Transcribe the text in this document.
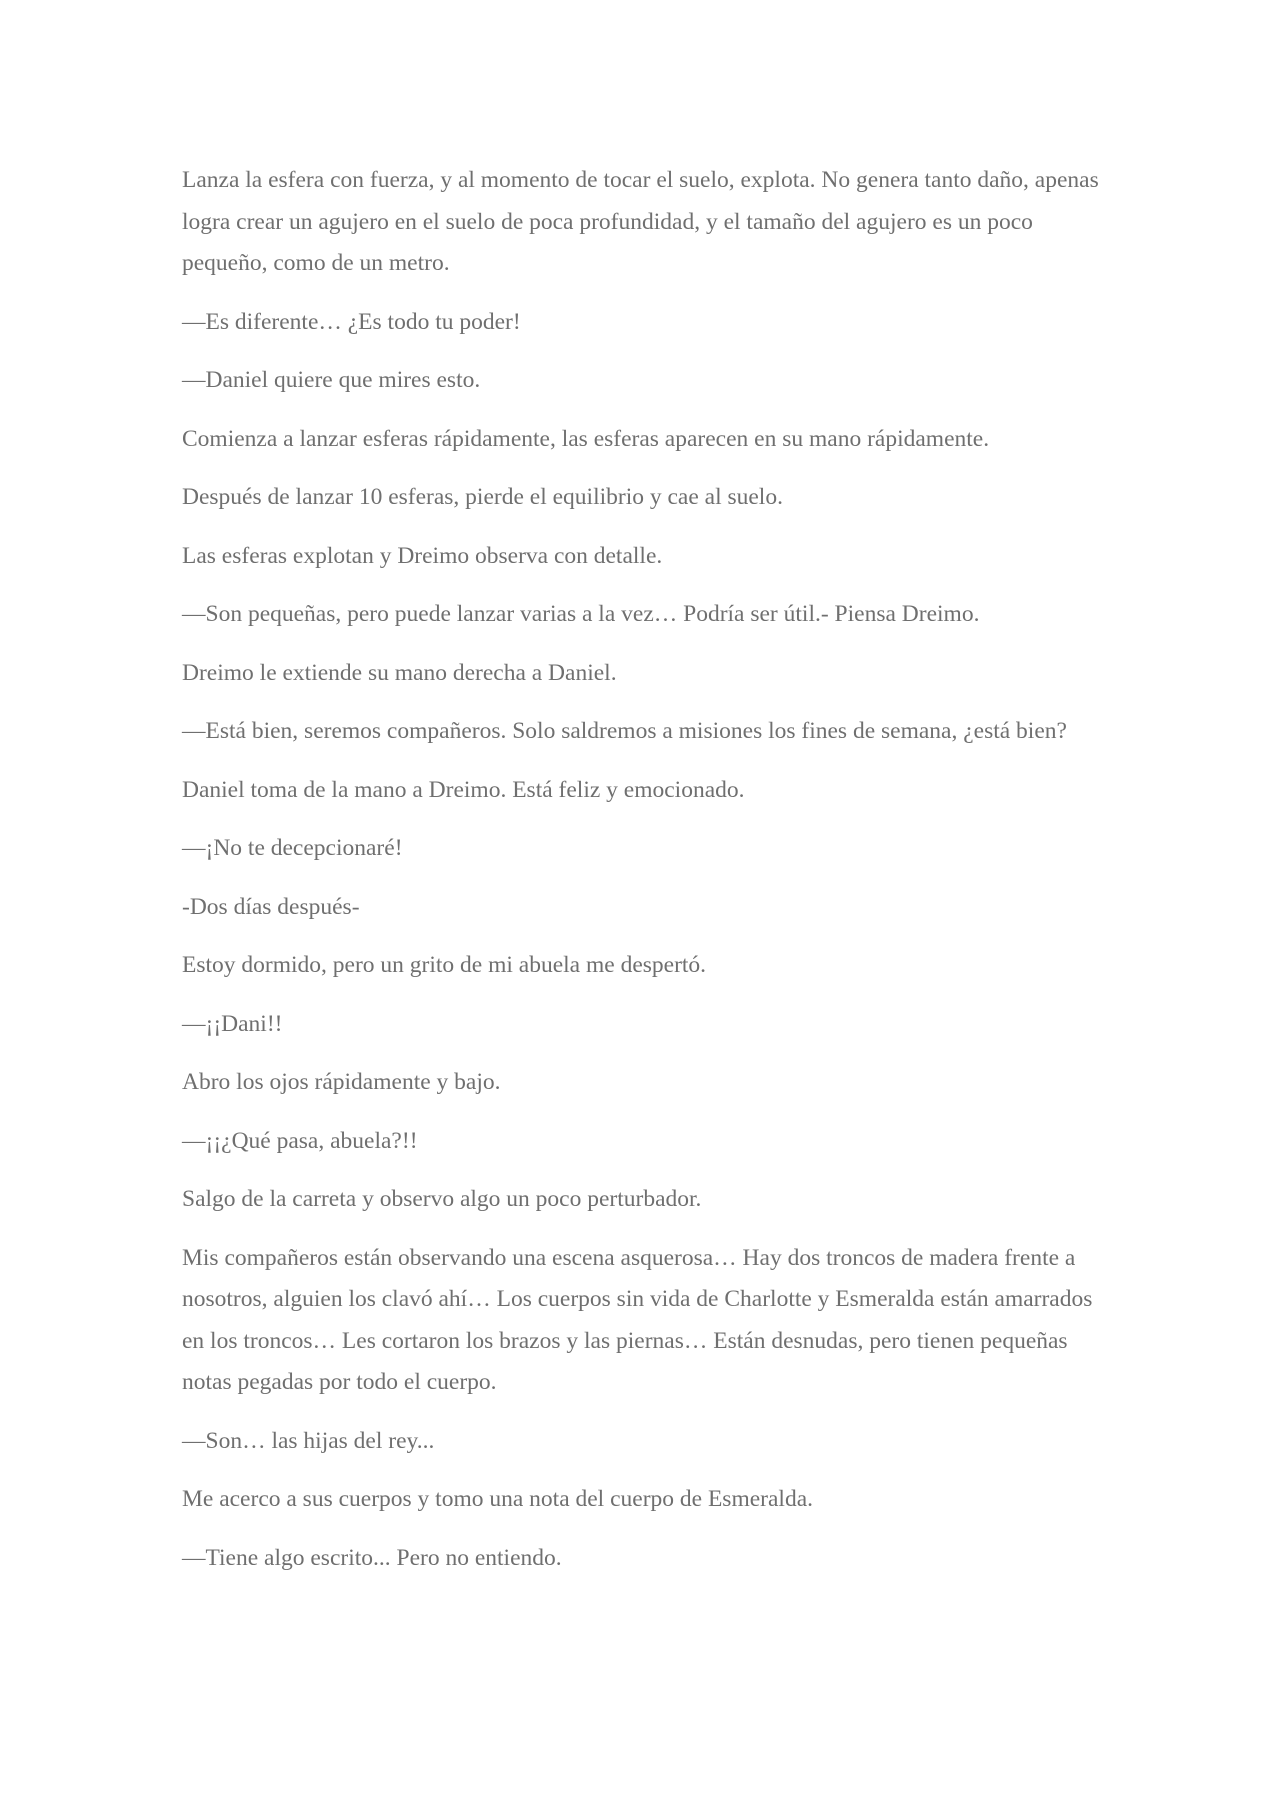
Lanza la esfera con fuerza, y al momento de tocar el suelo, explota. No genera tanto daño, apenas logra crear un agujero en el suelo de poca profundidad, y el tamaño del agujero es un poco pequeño, como de un metro.

—Es diferente… ¿Es todo tu poder!

—Daniel quiere que mires esto.

Comienza a lanzar esferas rápidamente, las esferas aparecen en su mano rápidamente.

Después de lanzar 10 esferas, pierde el equilibrio y cae al suelo.

Las esferas explotan y Dreimo observa con detalle.

—Son pequeñas, pero puede lanzar varias a la vez… Podría ser útil.- Piensa Dreimo.

Dreimo le extiende su mano derecha a Daniel.

—Está bien, seremos compañeros. Solo saldremos a misiones los fines de semana, ¿está bien?

Daniel toma de la mano a Dreimo. Está feliz y emocionado.

—¡No te decepcionaré!

-Dos días después-

Estoy dormido, pero un grito de mi abuela me despertó.

—¡¡Dani!!

Abro los ojos rápidamente y bajo.

—¡¡¿Qué pasa, abuela?!!

Salgo de la carreta y observo algo un poco perturbador.

Mis compañeros están observando una escena asquerosa… Hay dos troncos de madera frente a nosotros, alguien los clavó ahí… Los cuerpos sin vida de Charlotte y Esmeralda están amarrados en los troncos… Les cortaron los brazos y las piernas… Están desnudas, pero tienen pequeñas notas pegadas por todo el cuerpo.

—Son… las hijas del rey...

Me acerco a sus cuerpos y tomo una nota del cuerpo de Esmeralda.

—Tiene algo escrito... Pero no entiendo.
